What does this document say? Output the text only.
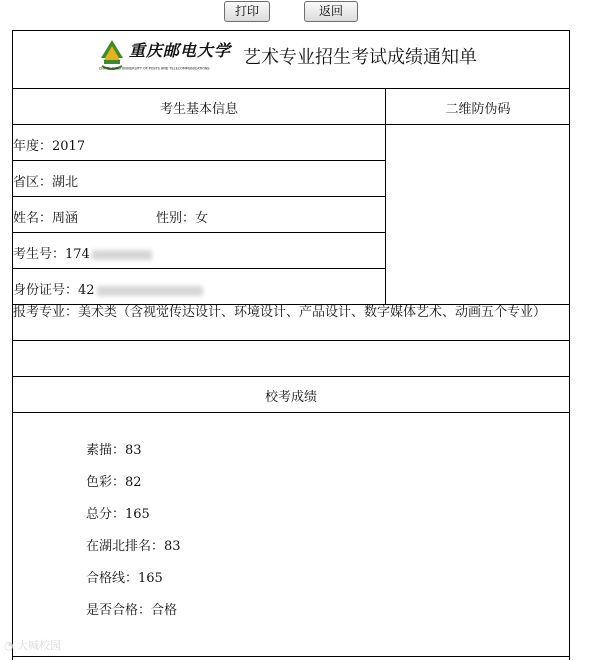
打印	返回
重庆邮电大学
CHONGQING UNIVERSITY OF POSTS AND TELECOMMUNICATIONS
艺术专业招生考试成绩通知单
考生基本信息	二维防伪码
年度：2017
省区：湖北
姓名：周涵	性别：女
考生号：174
身份证号：42
报考专业：美术类（含视觉传达设计、环境设计、产品设计、数字媒体艺术、动画五个专业）
校考成绩
素描：83
色彩：82
总分：165
在湖北排名：83
合格线：165
是否合格：合格
◔ 大喊校园
